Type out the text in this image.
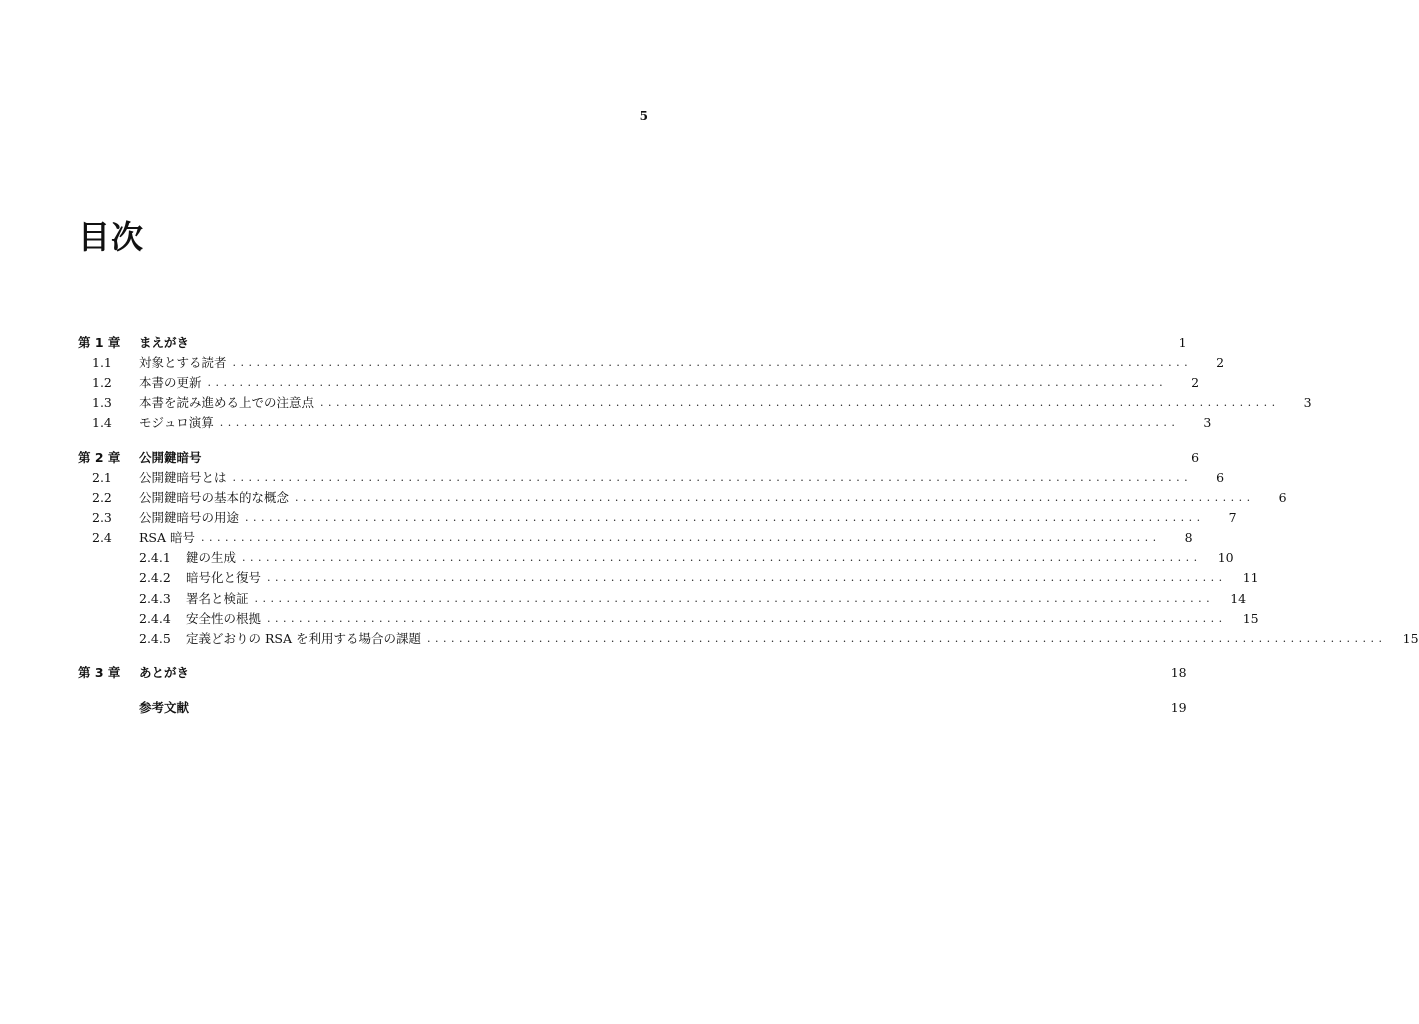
5
目次
第 1 章	まえがき	1
1.1	対象とする読者 ........................................................................................................................	2
1.2	本書の更新 ........................................................................................................................	2
1.3	本書を読み進める上での注意点 ........................................................................................................................	3
1.4	モジュロ演算 ........................................................................................................................	3
第 2 章	公開鍵暗号	6
2.1	公開鍵暗号とは ........................................................................................................................	6
2.2	公開鍵暗号の基本的な概念 ........................................................................................................................	6
2.3	公開鍵暗号の用途 ........................................................................................................................	7
2.4	RSA 暗号 ........................................................................................................................	8
2.4.1	鍵の生成 ........................................................................................................................	10
2.4.2	暗号化と復号 ........................................................................................................................	11
2.4.3	署名と検証 ........................................................................................................................	14
2.4.4	安全性の根拠 ........................................................................................................................	15
2.4.5	定義どおりの RSA を利用する場合の課題 ........................................................................................................................	15
第 3 章	あとがき	18
参考文献	19
